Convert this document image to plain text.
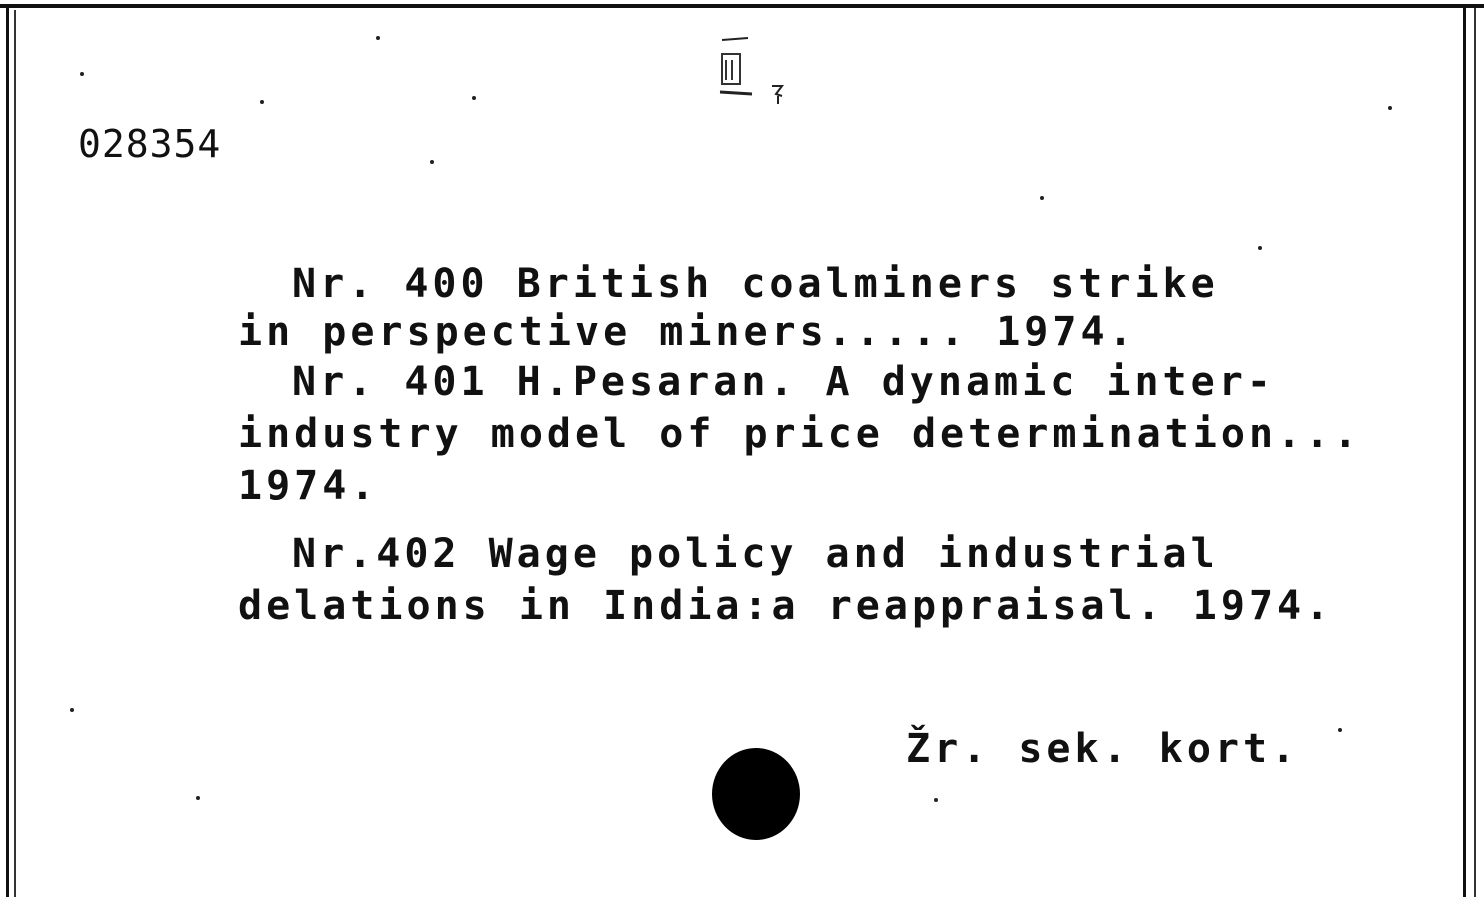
028354
Nr. 400 British coalminers strike
in perspective miners..... 1974.
Nr. 401 H.Pesaran. A dynamic inter-
industry model of price determination...
1974.
Nr.402 Wage policy and industrial
delations in India:a reappraisal. 1974.
Žr. sek. kort.
